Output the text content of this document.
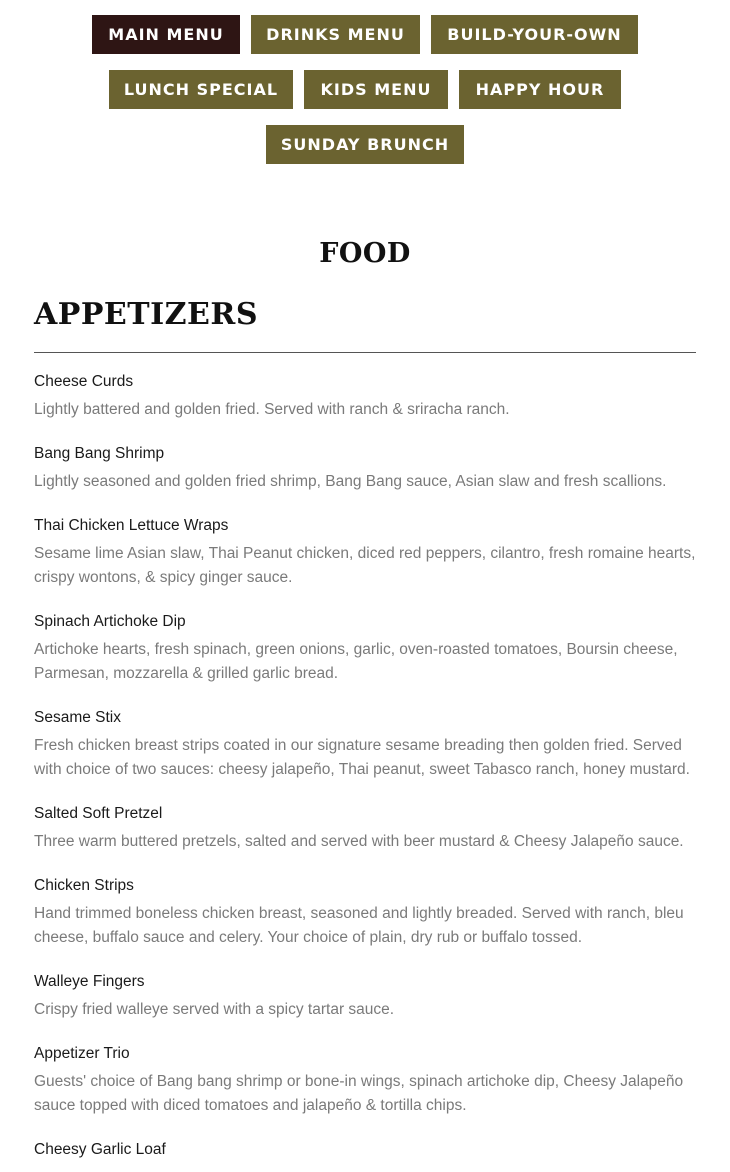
MAIN MENU	DRINKS MENU	BUILD-YOUR-OWN
LUNCH SPECIAL	KIDS MENU	HAPPY HOUR
SUNDAY BRUNCH
FOOD
APPETIZERS

Cheese Curds

Lightly battered and golden fried. Served with ranch & sriracha ranch.

Bang Bang Shrimp

Lightly seasoned and golden fried shrimp, Bang Bang sauce, Asian slaw and fresh scallions.

Thai Chicken Lettuce Wraps

Sesame lime Asian slaw, Thai Peanut chicken, diced red peppers, cilantro, fresh romaine hearts, crispy wontons, & spicy ginger sauce.

Spinach Artichoke Dip

Artichoke hearts, fresh spinach, green onions, garlic, oven-roasted tomatoes, Boursin cheese, Parmesan, mozzarella & grilled garlic bread.

Sesame Stix

Fresh chicken breast strips coated in our signature sesame breading then golden fried. Served with choice of two sauces: cheesy jalapeño, Thai peanut, sweet Tabasco ranch, honey mustard.

Salted Soft Pretzel

Three warm buttered pretzels, salted and served with beer mustard & Cheesy Jalapeño sauce.

Chicken Strips

Hand trimmed boneless chicken breast, seasoned and lightly breaded. Served with ranch, bleu cheese, buffalo sauce and celery. Your choice of plain, dry rub or buffalo tossed.

Walleye Fingers

Crispy fried walleye served with a spicy tartar sauce.

Appetizer Trio

Guests' choice of Bang bang shrimp or bone-in wings, spinach artichoke dip, Cheesy Jalapeño sauce topped with diced tomatoes and jalapeño & tortilla chips.

Cheesy Garlic Loaf
